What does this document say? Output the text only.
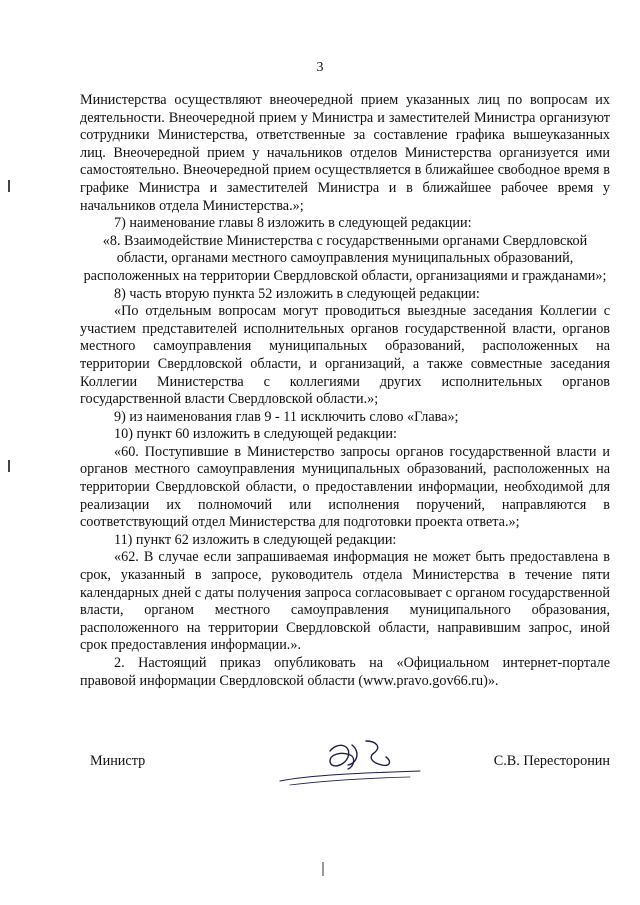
3

Министерства осуществляют внеочередной прием указанных лиц по вопросам их деятельности. Внеочередной прием у Министра и заместителей Министра организуют сотрудники Министерства, ответственные за составление графика вышеуказанных лиц. Внеочередной прием у начальников отделов Министерства организуется ими самостоятельно. Внеочередной прием осуществляется в ближайшее свободное время в графике Министра и заместителей Министра и в ближайшее рабочее время у начальников отдела Министерства.»;

7) наименование главы 8 изложить в следующей редакции:

«8. Взаимодействие Министерства с государственными органами Свердловской области, органами местного самоуправления муниципальных образований, расположенных на территории Свердловской области, организациями и гражданами»;

8) часть вторую пункта 52 изложить в следующей редакции:

«По отдельным вопросам могут проводиться выездные заседания Коллегии с участием представителей исполнительных органов государственной власти, органов местного самоуправления муниципальных образований, расположенных на территории Свердловской области, и организаций, а также совместные заседания Коллегии Министерства с коллегиями других исполнительных органов государственной власти Свердловской области.»;

9) из наименования глав 9 - 11 исключить слово «Глава»;

10) пункт 60 изложить в следующей редакции:

«60. Поступившие в Министерство запросы органов государственной власти и органов местного самоуправления муниципальных образований, расположенных на территории Свердловской области, о предоставлении информации, необходимой для реализации их полномочий или исполнения поручений, направляются в соответствующий отдел Министерства для подготовки проекта ответа.»;

11) пункт 62 изложить в следующей редакции:

«62. В случае если запрашиваемая информация не может быть предоставлена в срок, указанный в запросе, руководитель отдела Министерства в течение пяти календарных дней с даты получения запроса согласовывает с органом государственной власти, органом местного самоуправления муниципального образования, расположенного на территории Свердловской области, направившим запрос, иной срок предоставления информации.».

2. Настоящий приказ опубликовать на «Официальном интернет-портале правовой информации Свердловской области (www.pravo.gov66.ru)».

Министр	С.В. Пересторонин
